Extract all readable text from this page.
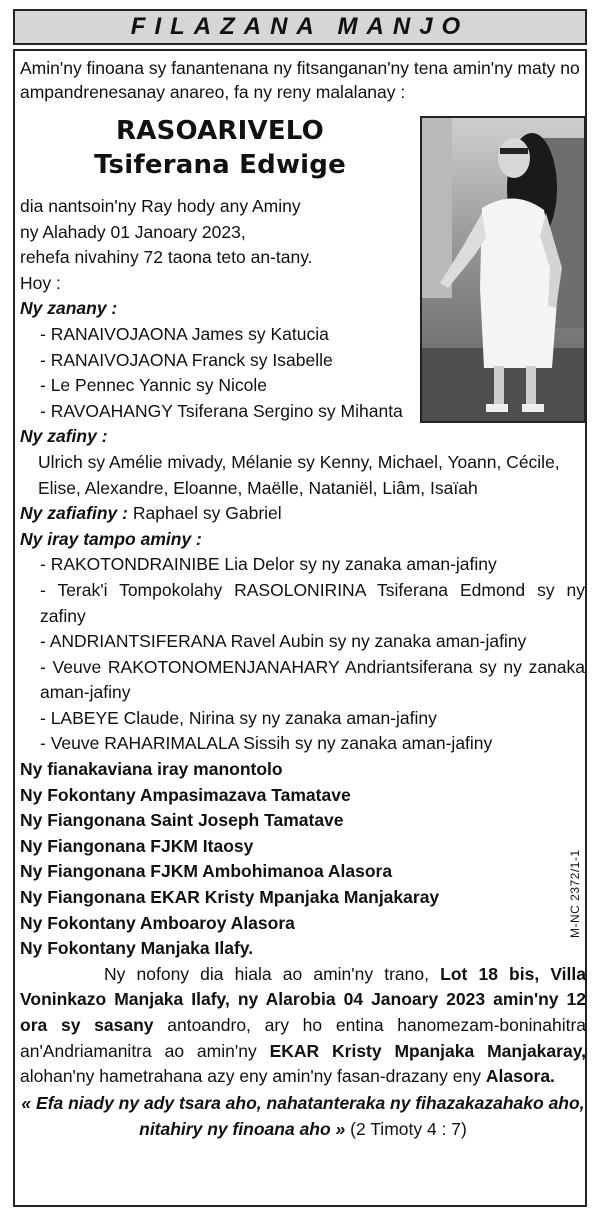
FILAZANA MANJO

Amin'ny finoana sy fanantenana ny fitsanganan'ny tena amin'ny maty no ampandrenesanay anareo, fa ny reny malalanay :

RASOARIVELO
Tsiferana Edwige

dia nantsoin'ny Ray hody any Aminy

ny Alahady 01 Janoary 2023,

rehefa nivahiny 72 taona teto an-tany.

Hoy :

Ny zanany :

- RANAIVOJAONA James sy Katucia

- RANAIVOJAONA Franck sy Isabelle

- Le Pennec Yannic sy Nicole

- RAVOAHANGY Tsiferana Sergino sy Mihanta

Ny zafiny :

Ulrich sy Amélie mivady, Mélanie sy Kenny, Michael, Yoann, Cécile, Elise, Alexandre, Eloanne, Maëlle, Nataniël, Liâm, Isaïah

Ny zafiafiny : Raphael sy Gabriel

Ny iray tampo aminy :

- RAKOTONDRAINIBE Lia Delor sy ny zanaka aman-jafiny

- Terak'i Tompokolahy RASOLONIRINA Tsiferana Edmond sy ny zafiny

- ANDRIANTSIFERANA Ravel Aubin sy ny zanaka aman-jafiny

- Veuve RAKOTONOMENJANAHARY Andriantsiferana sy ny zanaka aman-jafiny

- LABEYE Claude, Nirina sy ny zanaka aman-jafiny

- Veuve RAHARIMALALA Sissih sy ny zanaka aman-jafiny

Ny fianakaviana iray manontolo

Ny Fokontany Ampasimazava Tamatave

Ny Fiangonana Saint Joseph Tamatave

Ny Fiangonana FJKM Itaosy

Ny Fiangonana FJKM Ambohimanoa Alasora

Ny Fiangonana EKAR Kristy Mpanjaka Manjakaray

Ny Fokontany Amboaroy Alasora

Ny Fokontany Manjaka Ilafy.

Ny nofony dia hiala ao amin'ny trano, Lot 18 bis, Villa Voninkazo Manjaka Ilafy, ny Alarobia 04 Janoary 2023 amin'ny 12 ora sy sasany antoandro, ary ho entina hanomezam-boninahitra an'Andriamanitra ao amin'ny EKAR Kristy Mpanjaka Manjakaray, alohan'ny hametrahana azy eny amin'ny fasan-drazany eny Alasora.

« Efa niady ny ady tsara aho, nahatanteraka ny fihazakazahako aho, nitahiry ny finoana aho » (2 Timoty 4 : 7)

M-NC 2372/1-1
